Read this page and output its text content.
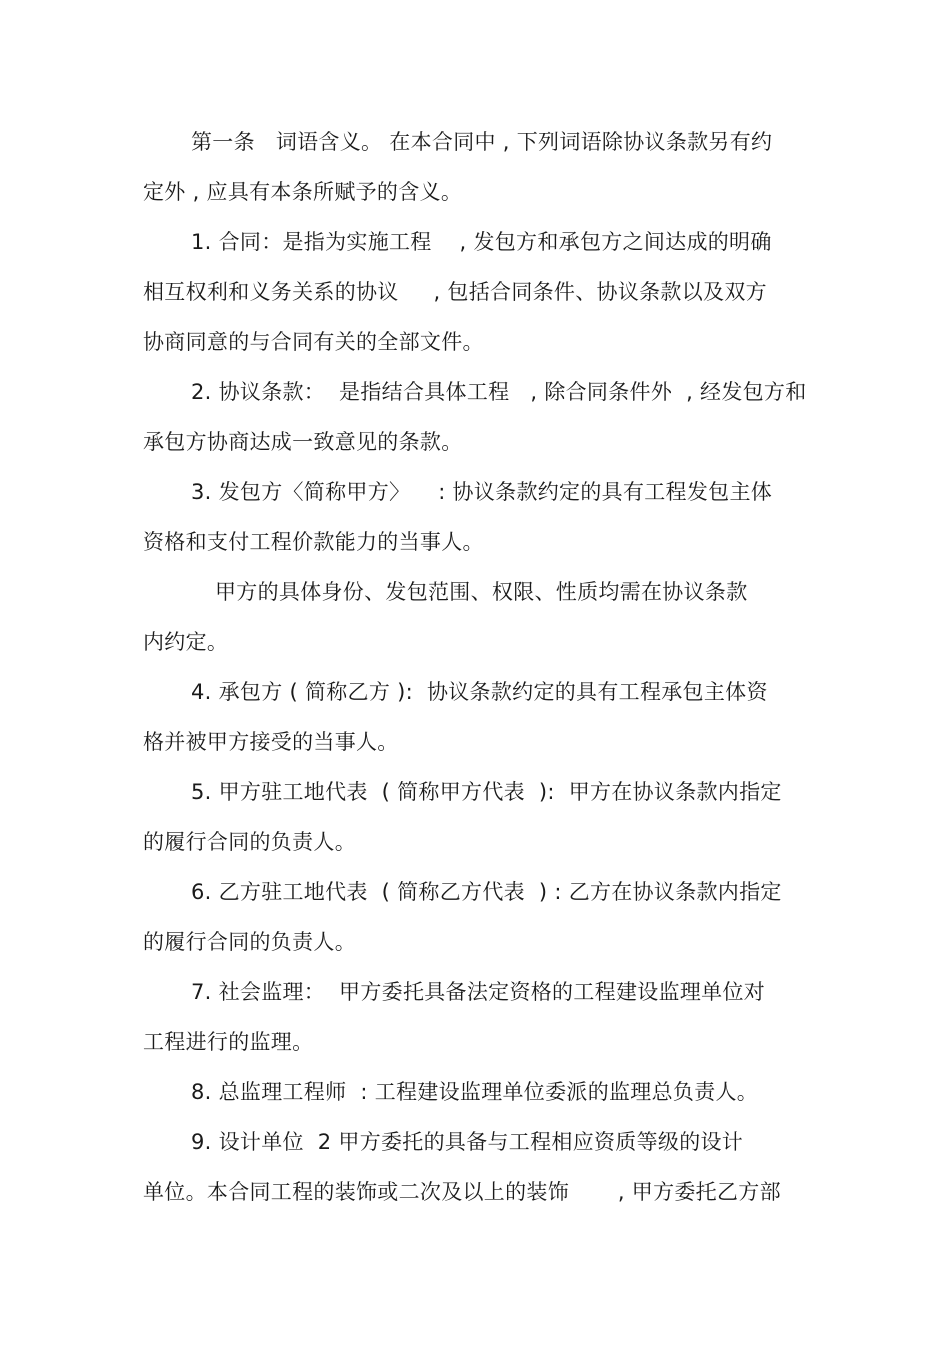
第一条   词语含义。 在本合同中 , 下列词语除协议条款另有约
定外 , 应具有本条所赋予的含义。
1. 合同：是指为实施工程    , 发包方和承包方之间达成的明确
相互权利和义务关系的协议     , 包括合同条件、协议条款以及双方
协商同意的与合同有关的全部文件。
2. 协议条款：  是指结合具体工程   , 除合同条件外  , 经发包方和
承包方协商达成一致意见的条款。
3. 发包方〈简称甲方〉    : 协议条款约定的具有工程发包主体
资格和支付工程价款能力的当事人。
甲方的具体身份、发包范围、权限、性质均需在协议条款
内约定。
4. 承包方 ( 简称乙方 ):  协议条款约定的具有工程承包主体资
格并被甲方接受的当事人。
5. 甲方驻工地代表  ( 简称甲方代表  ):  甲方在协议条款内指定
的履行合同的负责人。
6. 乙方驻工地代表  ( 简称乙方代表  ) : 乙方在协议条款内指定
的履行合同的负责人。
7. 社会监理：  甲方委托具备法定资格的工程建设监理单位对
工程进行的监理。
8. 总监理工程师  : 工程建设监理单位委派的监理总负责人。
9. 设计单位  2 甲方委托的具备与工程相应资质等级的设计
单位。本合同工程的装饰或二次及以上的装饰       , 甲方委托乙方部
